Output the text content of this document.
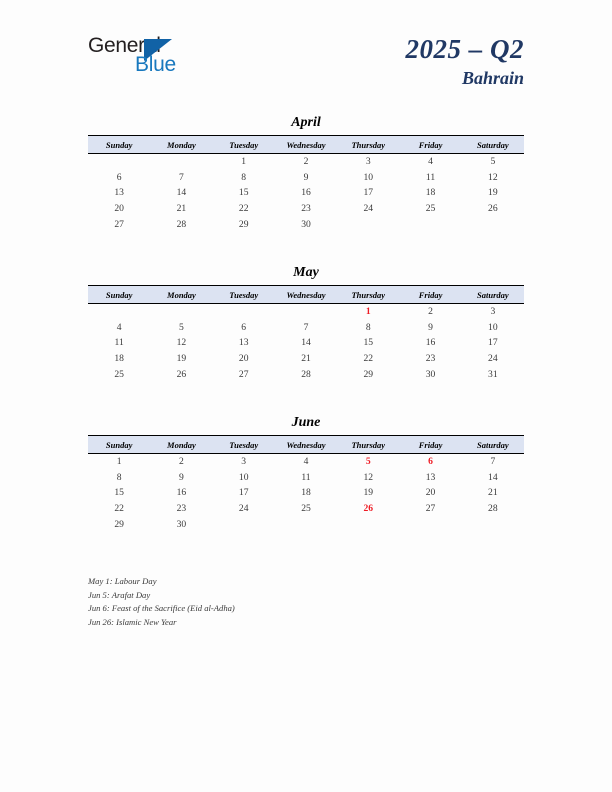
General
Blue
2025 – Q2
Bahrain
April
Sunday	Monday	Tuesday	Wednesday	Thursday	Friday	Saturday
		1	2	3	4	5
6	7	8	9	10	11	12
13	14	15	16	17	18	19
20	21	22	23	24	25	26
27	28	29	30			
May
Sunday	Monday	Tuesday	Wednesday	Thursday	Friday	Saturday
				1	2	3
4	5	6	7	8	9	10
11	12	13	14	15	16	17
18	19	20	21	22	23	24
25	26	27	28	29	30	31
June
Sunday	Monday	Tuesday	Wednesday	Thursday	Friday	Saturday
1	2	3	4	5	6	7
8	9	10	11	12	13	14
15	16	17	18	19	20	21
22	23	24	25	26	27	28
29	30					
May 1: Labour Day
Jun 5: Arafat Day
Jun 6: Feast of the Sacrifice (Eid al-Adha)
Jun 26: Islamic New Year
